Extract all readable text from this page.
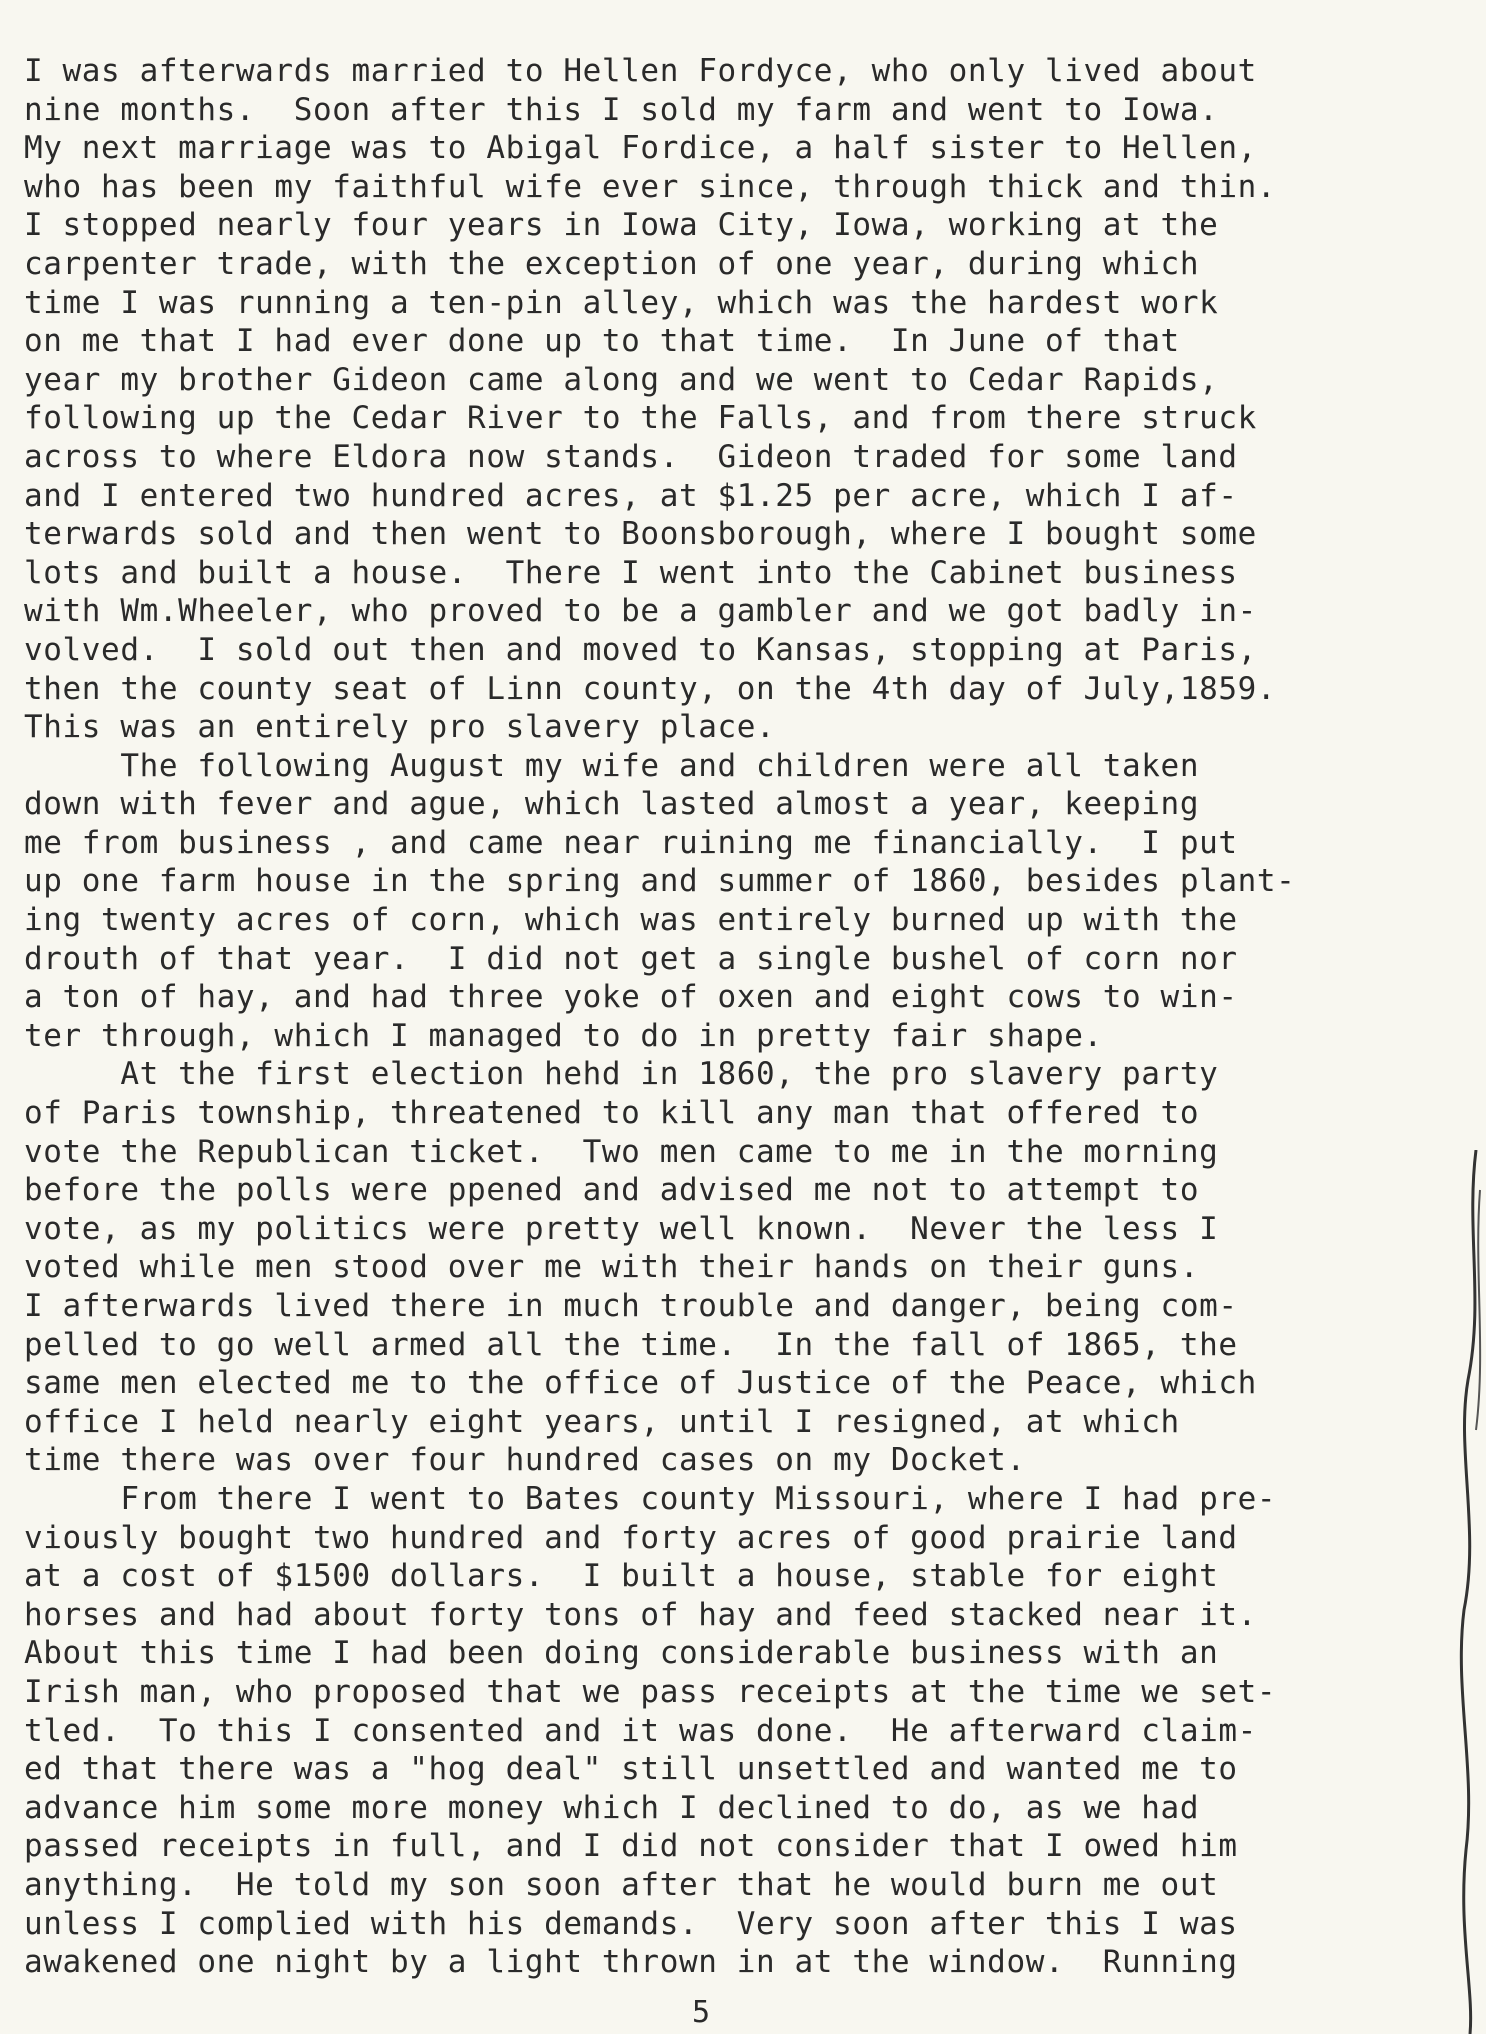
I was afterwards married to Hellen Fordyce, who only lived about
nine months.  Soon after this I sold my farm and went to Iowa.
My next marriage was to Abigal Fordice, a half sister to Hellen,
who has been my faithful wife ever since, through thick and thin.
I stopped nearly four years in Iowa City, Iowa, working at the
carpenter trade, with the exception of one year, during which
time I was running a ten-pin alley, which was the hardest work
on me that I had ever done up to that time.  In June of that
year my brother Gideon came along and we went to Cedar Rapids,
following up the Cedar River to the Falls, and from there struck
across to where Eldora now stands.  Gideon traded for some land
and I entered two hundred acres, at $1.25 per acre, which I af-
terwards sold and then went to Boonsborough, where I bought some
lots and built a house.  There I went into the Cabinet business
with Wm.Wheeler, who proved to be a gambler and we got badly in-
volved.  I sold out then and moved to Kansas, stopping at Paris,
then the county seat of Linn county, on the 4th day of July,1859.
This was an entirely pro slavery place.
The following August my wife and children were all taken
down with fever and ague, which lasted almost a year, keeping
me from business , and came near ruining me financially.  I put
up one farm house in the spring and summer of 1860, besides plant-
ing twenty acres of corn, which was entirely burned up with the
drouth of that year.  I did not get a single bushel of corn nor
a ton of hay, and had three yoke of oxen and eight cows to win-
ter through, which I managed to do in pretty fair shape.
At the first election hehd in 1860, the pro slavery party
of Paris township, threatened to kill any man that offered to
vote the Republican ticket.  Two men came to me in the morning
before the polls were ppened and advised me not to attempt to
vote, as my politics were pretty well known.  Never the less I
voted while men stood over me with their hands on their guns.
I afterwards lived there in much trouble and danger, being com-
pelled to go well armed all the time.  In the fall of 1865, the
same men elected me to the office of Justice of the Peace, which
office I held nearly eight years, until I resigned, at which
time there was over four hundred cases on my Docket.
From there I went to Bates county Missouri, where I had pre-
viously bought two hundred and forty acres of good prairie land
at a cost of $1500 dollars.  I built a house, stable for eight
horses and had about forty tons of hay and feed stacked near it.
About this time I had been doing considerable business with an
Irish man, who proposed that we pass receipts at the time we set-
tled.  To this I consented and it was done.  He afterward claim-
ed that there was a "hog deal" still unsettled and wanted me to
advance him some more money which I declined to do, as we had
passed receipts in full, and I did not consider that I owed him
anything.  He told my son soon after that he would burn me out
unless I complied with his demands.  Very soon after this I was
awakened one night by a light thrown in at the window.  Running
5
